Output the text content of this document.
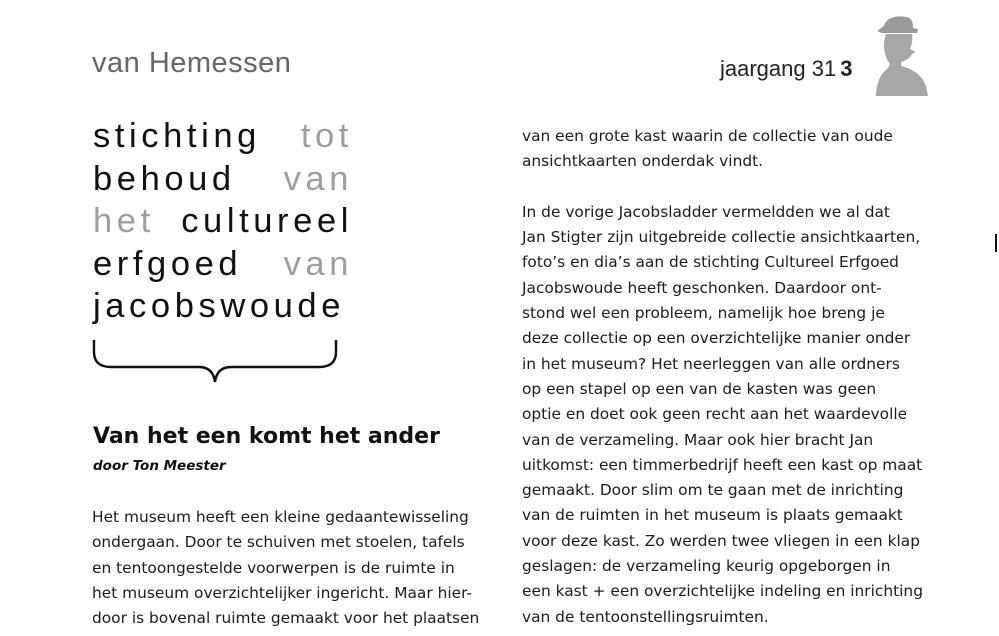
van Hemessen	jaargang 31 3
stichting tot
behoud van
het cultureel
erfgoed van
jacobswoude
Van het een komt het ander
door Ton Meester
Het museum heeft een kleine gedaantewisseling
ondergaan. Door te schuiven met stoelen, tafels
en tentoongestelde voorwerpen is de ruimte in
het museum overzichtelijker ingericht. Maar hier-
door is bovenal ruimte gemaakt voor het plaatsen
van een grote kast waarin de collectie van oude
ansichtkaarten onderdak vindt.
In de vorige Jacobsladder vermeldden we al dat
Jan Stigter zijn uitgebreide collectie ansichtkaarten,
foto’s en dia’s aan de stichting Cultureel Erfgoed
Jacobswoude heeft geschonken. Daardoor ont-
stond wel een probleem, namelijk hoe breng je
deze collectie op een overzichtelijke manier onder
in het museum? Het neerleggen van alle ordners
op een stapel op een van de kasten was geen
optie en doet ook geen recht aan het waardevolle
van de verzameling. Maar ook hier bracht Jan
uitkomst: een timmerbedrijf heeft een kast op maat
gemaakt. Door slim om te gaan met de inrichting
van de ruimten in het museum is plaats gemaakt
voor deze kast. Zo werden twee vliegen in een klap
geslagen: de verzameling keurig opgeborgen in
een kast + een overzichtelijke indeling en inrichting
van de tentoonstellingsruimten.
